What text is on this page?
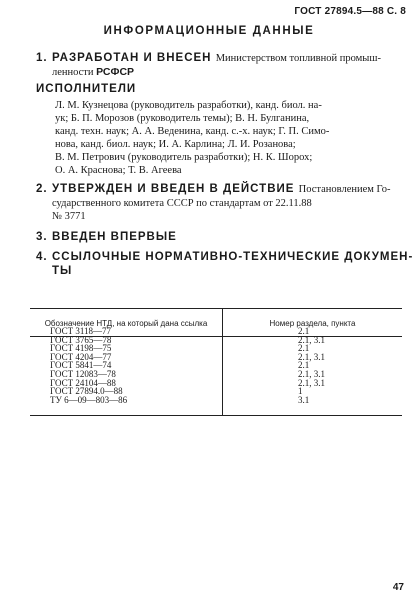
ГОСТ 27894.5—88 С. 8
ИНФОРМАЦИОННЫЕ ДАННЫЕ
1. РАЗРАБОТАН И ВНЕСЕН Министерством топливной промыш-
ленности РСФСР
ИСПОЛНИТЕЛИ
Л. М. Кузнецова (руководитель разработки), канд. биол. на-
ук; Б. П. Морозов (руководитель темы); В. Н. Булганина,
канд. техн. наук; А. А. Веденина, канд. с.-х. наук; Г. П. Симо-
нова, канд. биол. наук; И. А. Карлина; Л. И. Розанова;
В. М. Петрович (руководитель разработки); Н. К. Шорох;
О. А. Краснова; Т. В. Агеева
2. УТВЕРЖДЕН И ВВЕДЕН В ДЕЙСТВИЕ Постановлением Го-
сударственного комитета СССР по стандартам от 22.11.88
№ 3771
3. ВВЕДЕН ВПЕРВЫЕ
4. ССЫЛОЧНЫЕ НОРМАТИВНО-ТЕХНИЧЕСКИЕ ДОКУМЕН-
ТЫ
Обозначение НТД, на который дана ссылка	Номер раздела, пункта
ГОСТ 3118—77
ГОСТ 3765—78
ГОСТ 4198—75
ГОСТ 4204—77
ГОСТ 5841—74
ГОСТ 12083—78
ГОСТ 24104—88
ГОСТ 27894.0—88
ТУ 6—09—803—86
2.1
2.1, 3.1
2.1
2.1, 3.1
2.1
2.1, 3.1
2.1, 3.1
1
3.1
47
